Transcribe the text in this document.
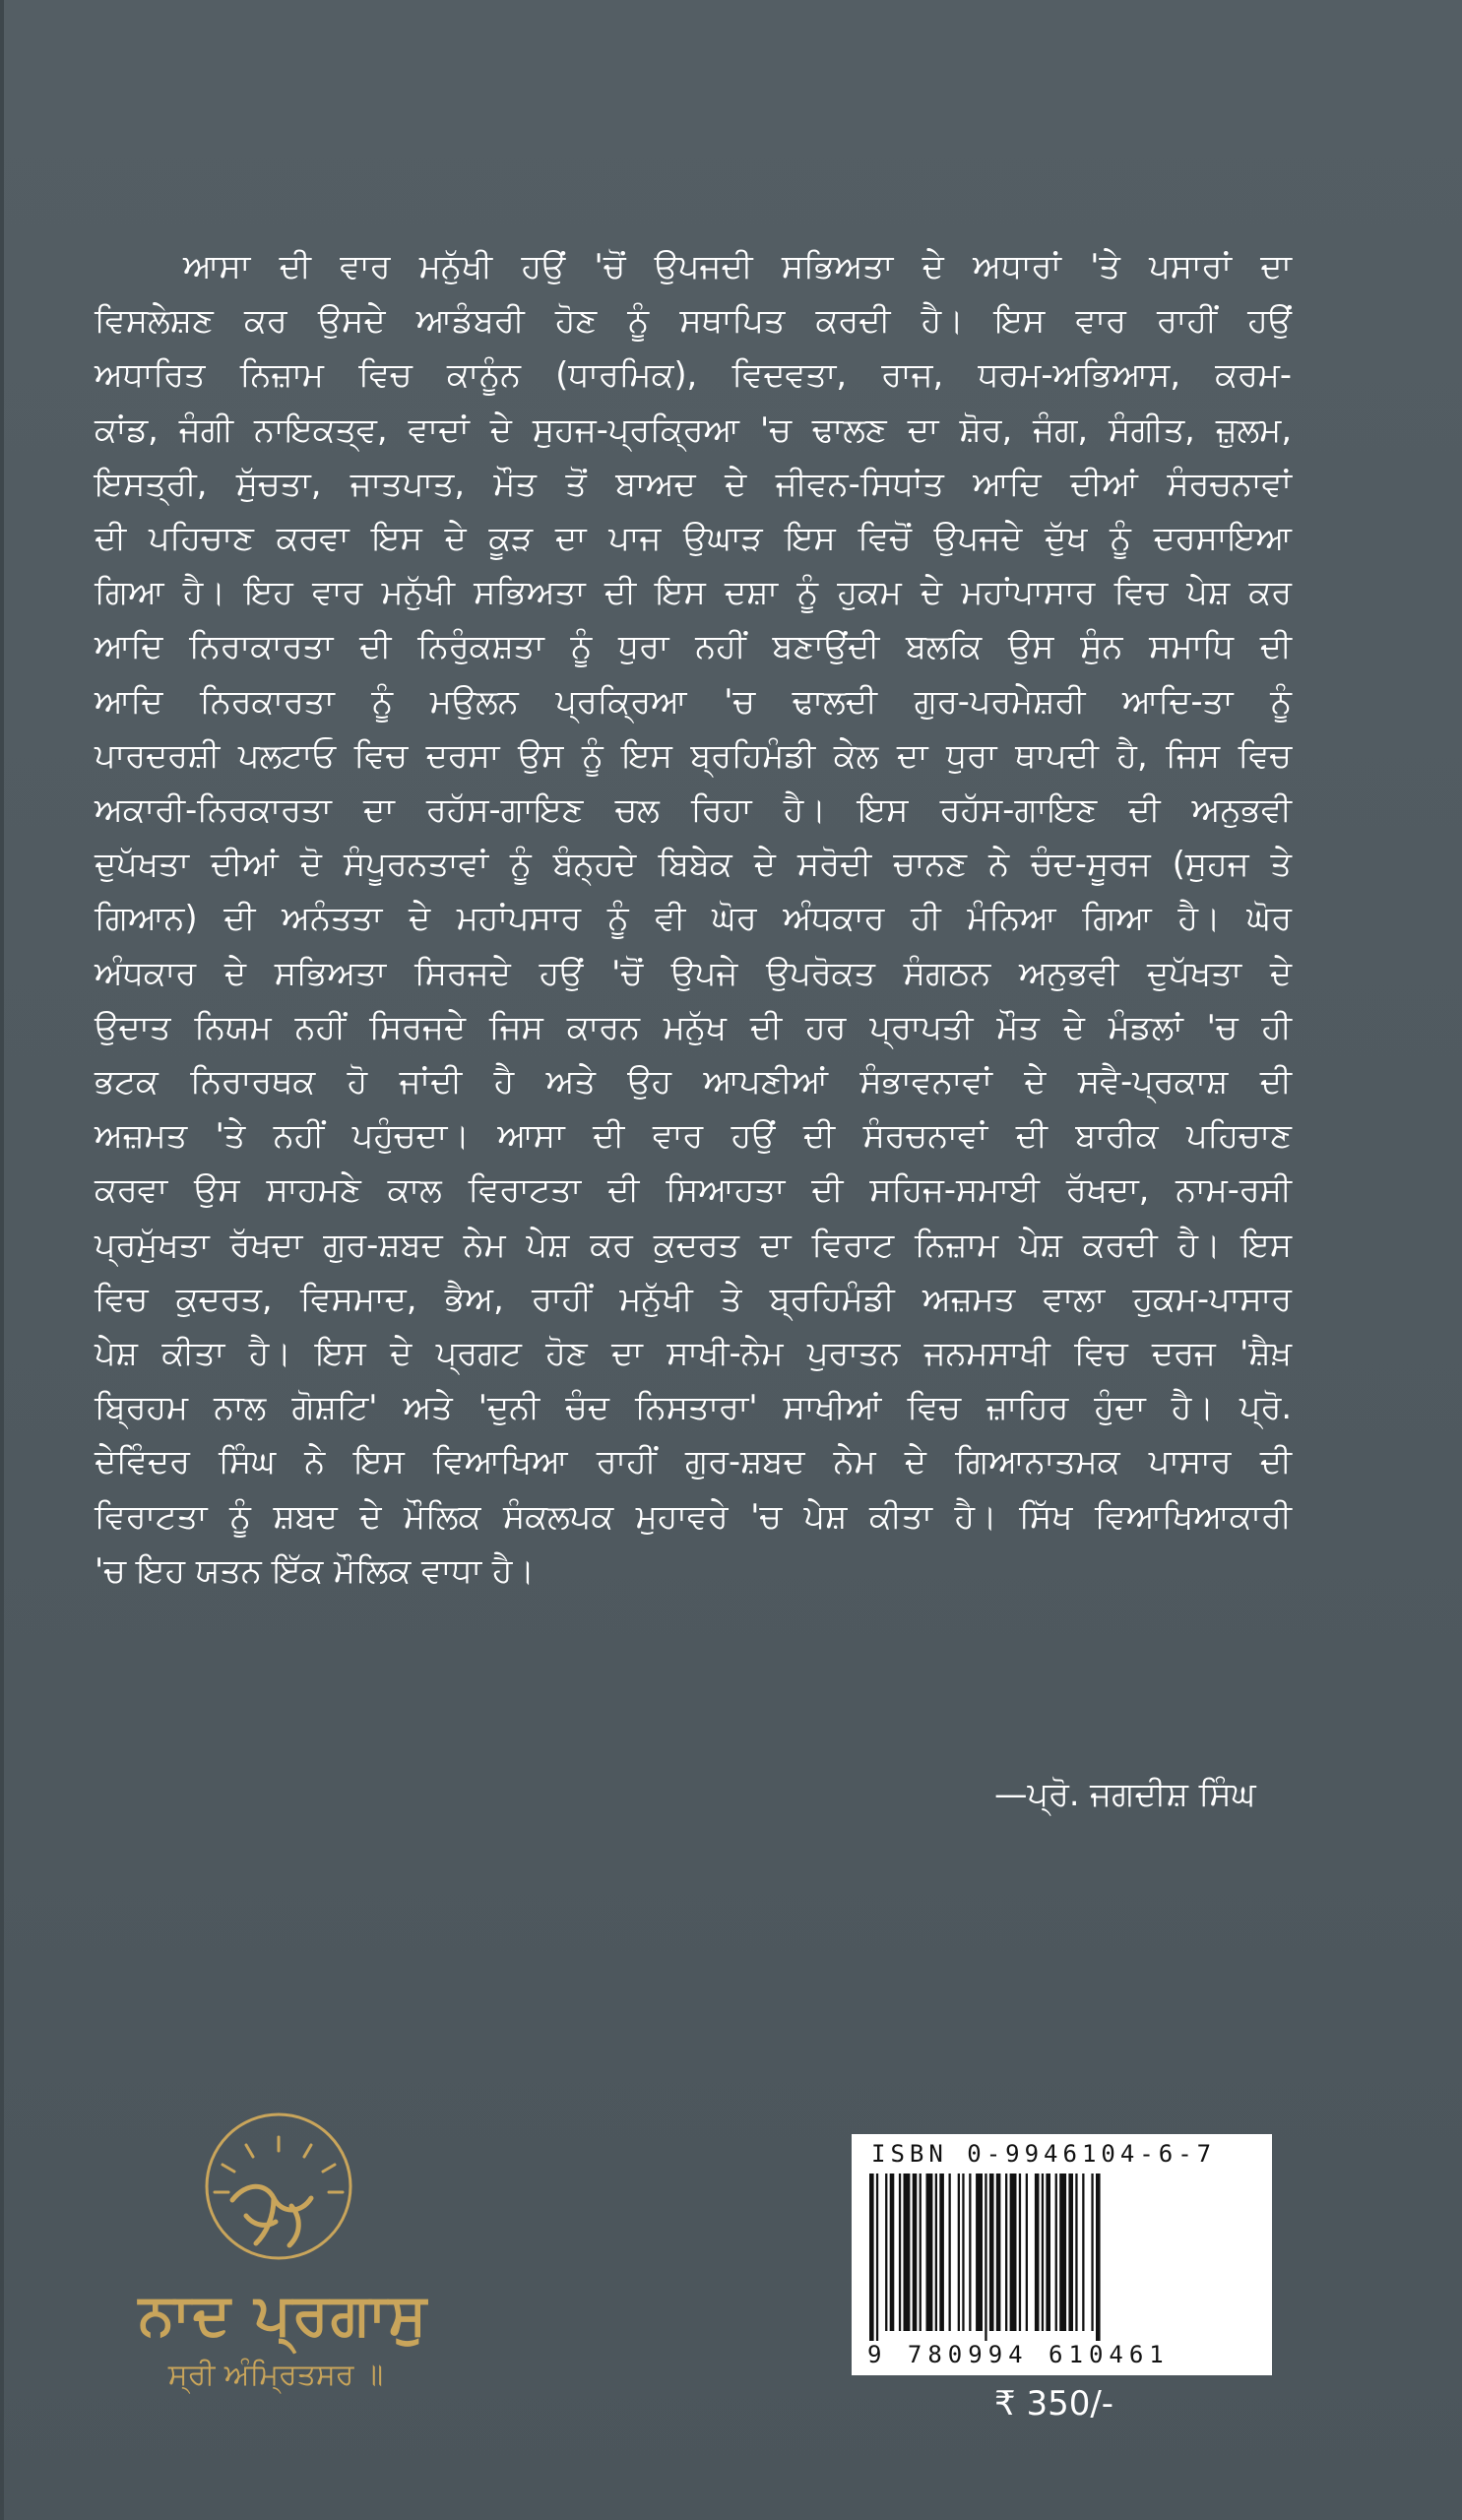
ਆਸਾ ਦੀ ਵਾਰ ਮਨੁੱਖੀ ਹਉਂ 'ਚੋਂ ਉਪਜਦੀ ਸਭਿਅਤਾ ਦੇ ਅਧਾਰਾਂ 'ਤੇ ਪਸਾਰਾਂ ਦਾ
ਵਿਸਲੇਸ਼ਣ ਕਰ ਉਸਦੇ ਆਡੰਬਰੀ ਹੋਣ ਨੂੰ ਸਥਾਪਿਤ ਕਰਦੀ ਹੈ। ਇਸ ਵਾਰ ਰਾਹੀਂ ਹਉਂ
ਅਧਾਰਿਤ ਨਿਜ਼ਾਮ ਵਿਚ ਕਾਨੂੰਨ (ਧਾਰਮਿਕ), ਵਿਦਵਤਾ, ਰਾਜ, ਧਰਮ-ਅਭਿਆਸ, ਕਰਮ-
ਕਾਂਡ, ਜੰਗੀ ਨਾਇਕਤ੍ਵ, ਵਾਦਾਂ ਦੇ ਸੁਹਜ-ਪ੍ਰਕ੍ਰਿਆ 'ਚ ਢਾਲਣ ਦਾ ਸ਼ੋਰ, ਜੰਗ, ਸੰਗੀਤ, ਜ਼ੁਲਮ,
ਇਸਤ੍ਰੀ, ਸੁੱਚਤਾ, ਜਾਤਪਾਤ, ਮੌਤ ਤੋਂ ਬਾਅਦ ਦੇ ਜੀਵਨ-ਸਿਧਾਂਤ ਆਦਿ ਦੀਆਂ ਸੰਰਚਨਾਵਾਂ
ਦੀ ਪਹਿਚਾਣ ਕਰਵਾ ਇਸ ਦੇ ਕੂੜ ਦਾ ਪਾਜ ਉਘਾੜ ਇਸ ਵਿਚੋਂ ਉਪਜਦੇ ਦੁੱਖ ਨੂੰ ਦਰਸਾਇਆ
ਗਿਆ ਹੈ। ਇਹ ਵਾਰ ਮਨੁੱਖੀ ਸਭਿਅਤਾ ਦੀ ਇਸ ਦਸ਼ਾ ਨੂੰ ਹੁਕਮ ਦੇ ਮਹਾਂਪਾਸਾਰ ਵਿਚ ਪੇਸ਼ ਕਰ
ਆਦਿ ਨਿਰਾਕਾਰਤਾ ਦੀ ਨਿਰੁੰਕਸ਼ਤਾ ਨੂੰ ਧੁਰਾ ਨਹੀਂ ਬਣਾਉਂਦੀ ਬਲਕਿ ਉਸ ਸੁੰਨ ਸਮਾਧਿ ਦੀ
ਆਦਿ ਨਿਰਕਾਰਤਾ ਨੂੰ ਮਉਲਨ ਪ੍ਰਕ੍ਰਿਆ 'ਚ ਢਾਲਦੀ ਗੁਰ-ਪਰਮੇਸ਼ਰੀ ਆਦਿ-ਤਾ ਨੂੰ
ਪਾਰਦਰਸ਼ੀ ਪਲਟਾਓ ਵਿਚ ਦਰਸਾ ਉਸ ਨੂੰ ਇਸ ਬ੍ਰਹਿਮੰਡੀ ਕੇਲ ਦਾ ਧੁਰਾ ਥਾਪਦੀ ਹੈ, ਜਿਸ ਵਿਚ
ਅਕਾਰੀ-ਨਿਰਕਾਰਤਾ ਦਾ ਰਹੱਸ-ਗਾਇਣ ਚਲ ਰਿਹਾ ਹੈ। ਇਸ ਰਹੱਸ-ਗਾਇਣ ਦੀ ਅਨੁਭਵੀ
ਦੁਪੱਖਤਾ ਦੀਆਂ ਦੋ ਸੰਪੂਰਨਤਾਵਾਂ ਨੂੰ ਬੰਨ੍ਹਦੇ ਬਿਬੇਕ ਦੇ ਸਰੋਦੀ ਚਾਨਣ ਨੇ ਚੰਦ-ਸੂਰਜ (ਸੁਹਜ ਤੇ
ਗਿਆਨ) ਦੀ ਅਨੰਤਤਾ ਦੇ ਮਹਾਂਪਸਾਰ ਨੂੰ ਵੀ ਘੋਰ ਅੰਧਕਾਰ ਹੀ ਮੰਨਿਆ ਗਿਆ ਹੈ। ਘੋਰ
ਅੰਧਕਾਰ ਦੇ ਸਭਿਅਤਾ ਸਿਰਜਦੇ ਹਉਂ 'ਚੋਂ ਉਪਜੇ ਉਪਰੋਕਤ ਸੰਗਠਨ ਅਨੁਭਵੀ ਦੁਪੱਖਤਾ ਦੇ
ਉਦਾਤ ਨਿਯਮ ਨਹੀਂ ਸਿਰਜਦੇ ਜਿਸ ਕਾਰਨ ਮਨੁੱਖ ਦੀ ਹਰ ਪ੍ਰਾਪਤੀ ਮੌਤ ਦੇ ਮੰਡਲਾਂ 'ਚ ਹੀ
ਭਟਕ ਨਿਰਾਰਥਕ ਹੋ ਜਾਂਦੀ ਹੈ ਅਤੇ ਉਹ ਆਪਣੀਆਂ ਸੰਭਾਵਨਾਵਾਂ ਦੇ ਸਵੈ-ਪ੍ਰਕਾਸ਼ ਦੀ
ਅਜ਼ਮਤ 'ਤੇ ਨਹੀਂ ਪਹੁੰਚਦਾ। ਆਸਾ ਦੀ ਵਾਰ ਹਉਂ ਦੀ ਸੰਰਚਨਾਵਾਂ ਦੀ ਬਾਰੀਕ ਪਹਿਚਾਣ
ਕਰਵਾ ਉਸ ਸਾਹਮਣੇ ਕਾਲ ਵਿਰਾਟਤਾ ਦੀ ਸਿਆਹਤਾ ਦੀ ਸਹਿਜ-ਸਮਾਈ ਰੱਖਦਾ, ਨਾਮ-ਰਸੀ
ਪ੍ਰਮੁੱਖਤਾ ਰੱਖਦਾ ਗੁਰ-ਸ਼ਬਦ ਨੇਮ ਪੇਸ਼ ਕਰ ਕੁਦਰਤ ਦਾ ਵਿਰਾਟ ਨਿਜ਼ਾਮ ਪੇਸ਼ ਕਰਦੀ ਹੈ। ਇਸ
ਵਿਚ ਕੁਦਰਤ, ਵਿਸਮਾਦ, ਭੈਅ, ਰਾਹੀਂ ਮਨੁੱਖੀ ਤੇ ਬ੍ਰਹਿਮੰਡੀ ਅਜ਼ਮਤ ਵਾਲਾ ਹੁਕਮ-ਪਾਸਾਰ
ਪੇਸ਼ ਕੀਤਾ ਹੈ। ਇਸ ਦੇ ਪ੍ਰਗਟ ਹੋਣ ਦਾ ਸਾਖੀ-ਨੇਮ ਪੁਰਾਤਨ ਜਨਮਸਾਖੀ ਵਿਚ ਦਰਜ 'ਸ਼ੈਖ਼
ਬ੍ਰਿਹਮ ਨਾਲ ਗੋਸ਼ਟਿ' ਅਤੇ 'ਦੁਨੀ ਚੰਦ ਨਿਸਤਾਰਾ' ਸਾਖੀਆਂ ਵਿਚ ਜ਼ਾਹਿਰ ਹੁੰਦਾ ਹੈ। ਪ੍ਰੋ.
ਦੇਵਿੰਦਰ ਸਿੰਘ ਨੇ ਇਸ ਵਿਆਖਿਆ ਰਾਹੀਂ ਗੁਰ-ਸ਼ਬਦ ਨੇਮ ਦੇ ਗਿਆਨਾਤਮਕ ਪਾਸਾਰ ਦੀ
ਵਿਰਾਟਤਾ ਨੂੰ ਸ਼ਬਦ ਦੇ ਮੌਲਿਕ ਸੰਕਲਪਕ ਮੁਹਾਵਰੇ 'ਚ ਪੇਸ਼ ਕੀਤਾ ਹੈ। ਸਿੱਖ ਵਿਆਖਿਆਕਾਰੀ
'ਚ ਇਹ ਯਤਨ ਇੱਕ ਮੌਲਿਕ ਵਾਧਾ ਹੈ।
—ਪ੍ਰੋ. ਜਗਦੀਸ਼ ਸਿੰਘ
ਨਾਦ ਪ੍ਰਗਾਸੁ
ਸ੍ਰੀ ਅੰਮ੍ਰਿਤਸਰ ॥
ISBN 0-9946104-6-7
9 780994 610461
₹ 350/-
